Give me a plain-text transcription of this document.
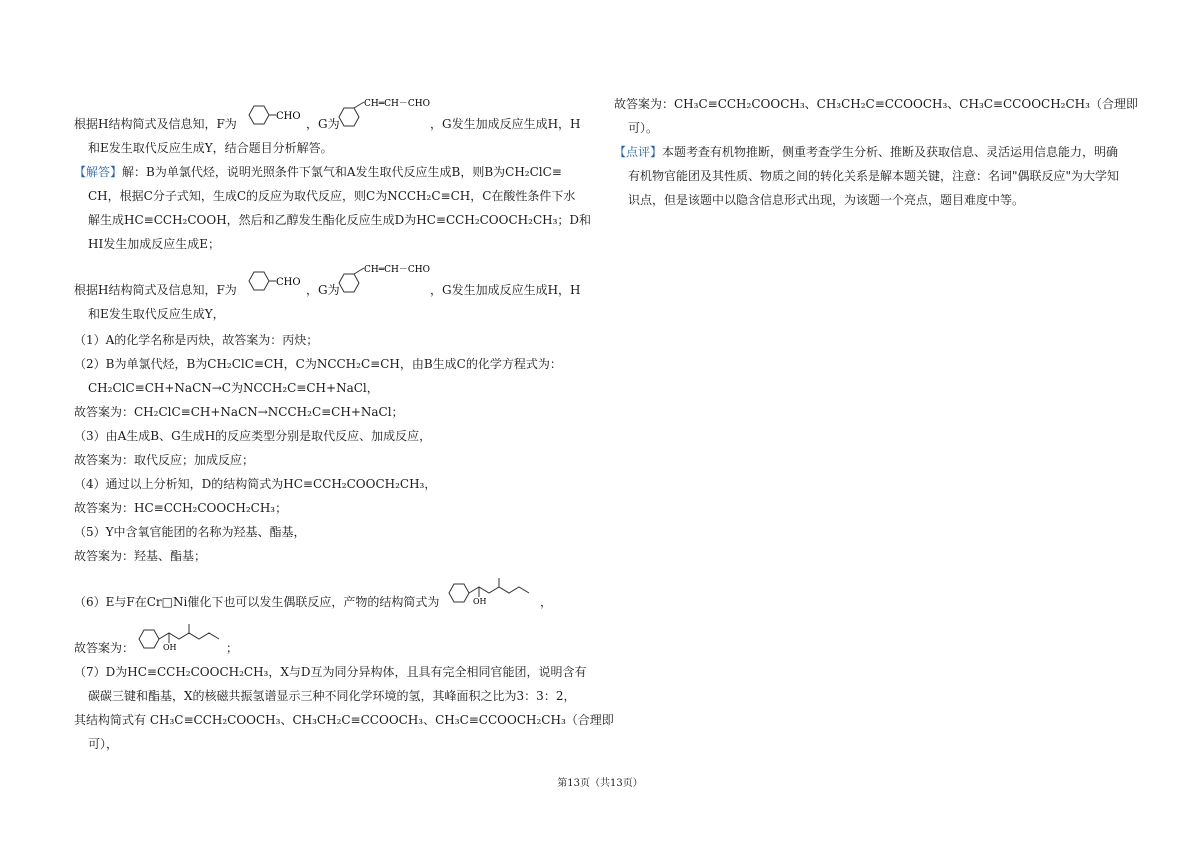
根据H结构简式及信息知，F为
CHO
，G为
CH═CH－CHO
，G发生加成反应生成H，H
和E发生取代反应生成Y，结合题目分析解答。
【解答】解：B为单氯代烃，说明光照条件下氯气和A发生取代反应生成B，则B为CH₂ClC≡
CH，根据C分子式知，生成C的反应为取代反应，则C为NCCH₂C≡CH，C在酸性条件下水
解生成HC≡CCH₂COOH，然后和乙醇发生酯化反应生成D为HC≡CCH₂COOCH₂CH₃；D和
HI发生加成反应生成E；
根据H结构简式及信息知，F为
CHO
，G为
CH═CH－CHO
，G发生加成反应生成H，H
和E发生取代反应生成Y，
（1）A的化学名称是丙炔，故答案为：丙炔；
（2）B为单氯代烃，B为CH₂ClC≡CH，C为NCCH₂C≡CH，由B生成C的化学方程式为：
CH₂ClC≡CH+NaCN→C为NCCH₂C≡CH+NaCl，
故答案为：CH₂ClC≡CH+NaCN→NCCH₂C≡CH+NaCl；
（3）由A生成B、G生成H的反应类型分别是取代反应、加成反应，
故答案为：取代反应；加成反应；
（4）通过以上分析知，D的结构简式为HC≡CCH₂COOCH₂CH₃，
故答案为：HC≡CCH₂COOCH₂CH₃；
（5）Y中含氧官能团的名称为羟基、酯基，
故答案为：羟基、酯基；
（6）E与F在Cr□Ni催化下也可以发生偶联反应，产物的结构简式为	OH	，
故答案为：	OH	；
（7）D为HC≡CCH₂COOCH₂CH₃，X与D互为同分异构体，且具有完全相同官能团，说明含有
碳碳三键和酯基，X的核磁共振氢谱显示三种不同化学环境的氢，其峰面积之比为3：3：2，
其结构简式有 CH₃C≡CCH₂COOCH₃、CH₃CH₂C≡CCOOCH₃、CH₃C≡CCOOCH₂CH₃（合理即
可），
故答案为：CH₃C≡CCH₂COOCH₃、CH₃CH₂C≡CCOOCH₃、CH₃C≡CCOOCH₂CH₃（合理即
可）。
【点评】本题考查有机物推断，侧重考查学生分析、推断及获取信息、灵活运用信息能力，明确
有机物官能团及其性质、物质之间的转化关系是解本题关键，注意：名词"偶联反应"为大学知
识点，但是该题中以隐含信息形式出现，为该题一个亮点，题目难度中等。
第13页（共13页）
